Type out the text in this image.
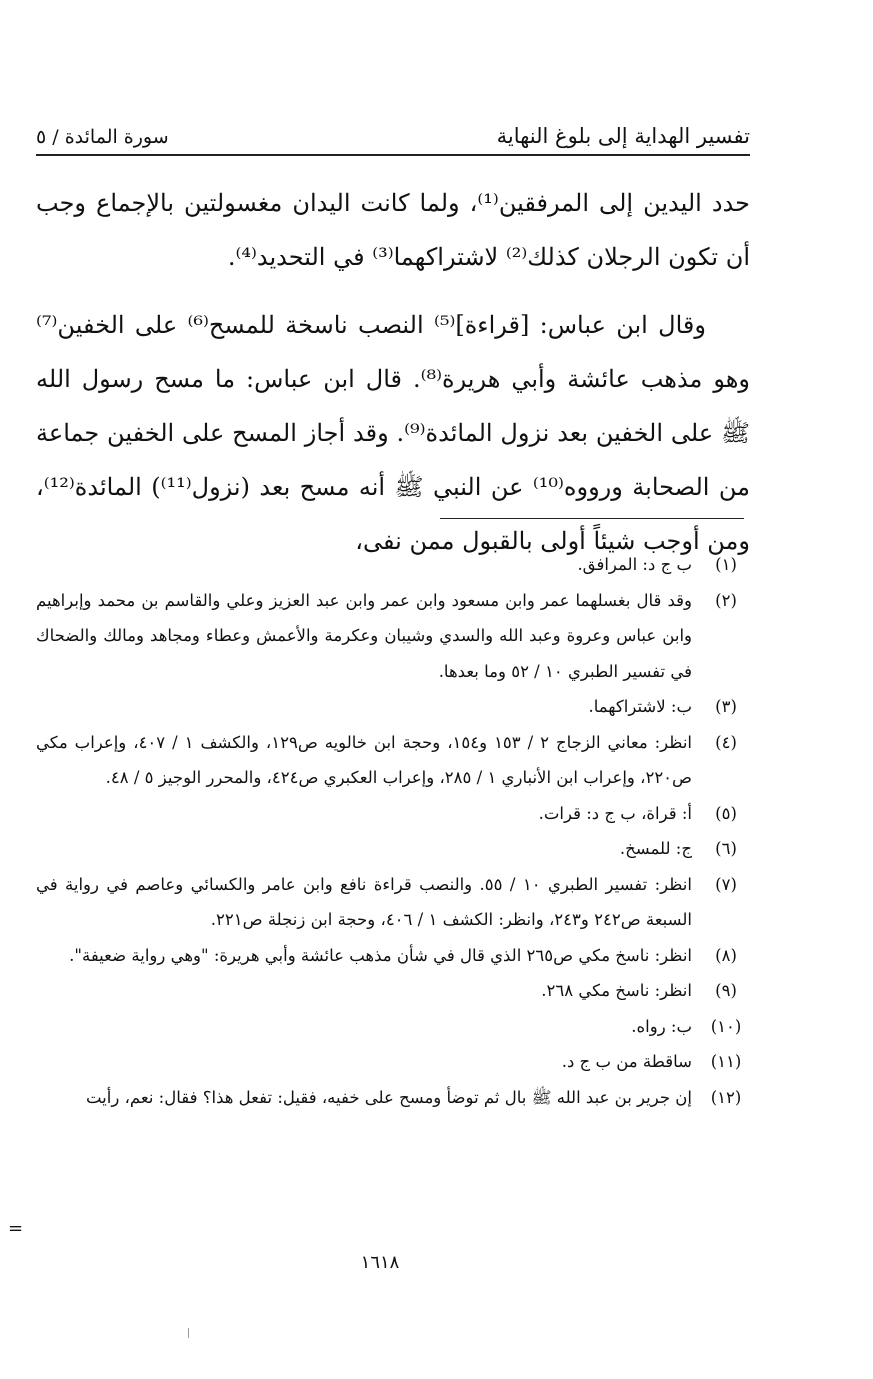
تفسير الهداية إلى بلوغ النهاية
سورة المائدة / ٥

حدد اليدين إلى المرفقين⁽¹⁾، ولما كانت اليدان مغسولتين بالإجماع وجب أن تكون الرجلان كذلك⁽²⁾ لاشتراكهما⁽³⁾ في التحديد⁽⁴⁾.

وقال ابن عباس: [قراءة]⁽⁵⁾ النصب ناسخة للمسح⁽⁶⁾ على الخفين⁽⁷⁾ وهو مذهب عائشة وأبي هريرة⁽⁸⁾. قال ابن عباس: ما مسح رسول الله ﷺ على الخفين بعد نزول المائدة⁽⁹⁾. وقد أجاز المسح على الخفين جماعة من الصحابة ورووه⁽¹⁰⁾ عن النبي ﷺ أنه مسح بعد (نزول⁽¹¹⁾) المائدة⁽¹²⁾، ومن أوجب شيئاً أولى بالقبول ممن نفى،

(١)
ب ج د: المرافق.
(٢)
وقد قال بغسلهما عمر وابن مسعود وابن عمر وابن عبد العزيز وعلي والقاسم بن محمد وإبراهيم وابن عباس وعروة وعبد الله والسدي وشيبان وعكرمة والأعمش وعطاء ومجاهد ومالك والضحاك في تفسير الطبري ١٠ / ٥٢ وما بعدها.
(٣)
ب: لاشتراكهما.
(٤)
انظر: معاني الزجاج ٢ / ١٥٣ و١٥٤، وحجة ابن خالويه ص١٢٩، والكشف ١ / ٤٠٧، وإعراب مكي ص٢٢٠، وإعراب ابن الأنباري ١ / ٢٨٥، وإعراب العكبري ص٤٢٤، والمحرر الوجيز ٥ / ٤٨.
(٥)
أ: قراة، ب ج د: قرات.
(٦)
ج: للمسخ.
(٧)
انظر: تفسير الطبري ١٠ / ٥٥. والنصب قراءة نافع وابن عامر والكسائي وعاصم في رواية في السبعة ص٢٤٢ و٢٤٣، وانظر: الكشف ١ / ٤٠٦، وحجة ابن زنجلة ص٢٢١.
(٨)
انظر: ناسخ مكي ص٢٦٥ الذي قال في شأن مذهب عائشة وأبي هريرة: "وهي رواية ضعيفة".
(٩)
انظر: ناسخ مكي ٢٦٨.
(١٠)
ب: رواه.
(١١)
ساقطة من ب ج د.
(١٢)
إن جرير بن عبد الله ﷺ بال ثم توضأ ومسح على خفيه، فقيل: تفعل هذا؟ فقال: نعم، رأيت
=
١٦١٨
